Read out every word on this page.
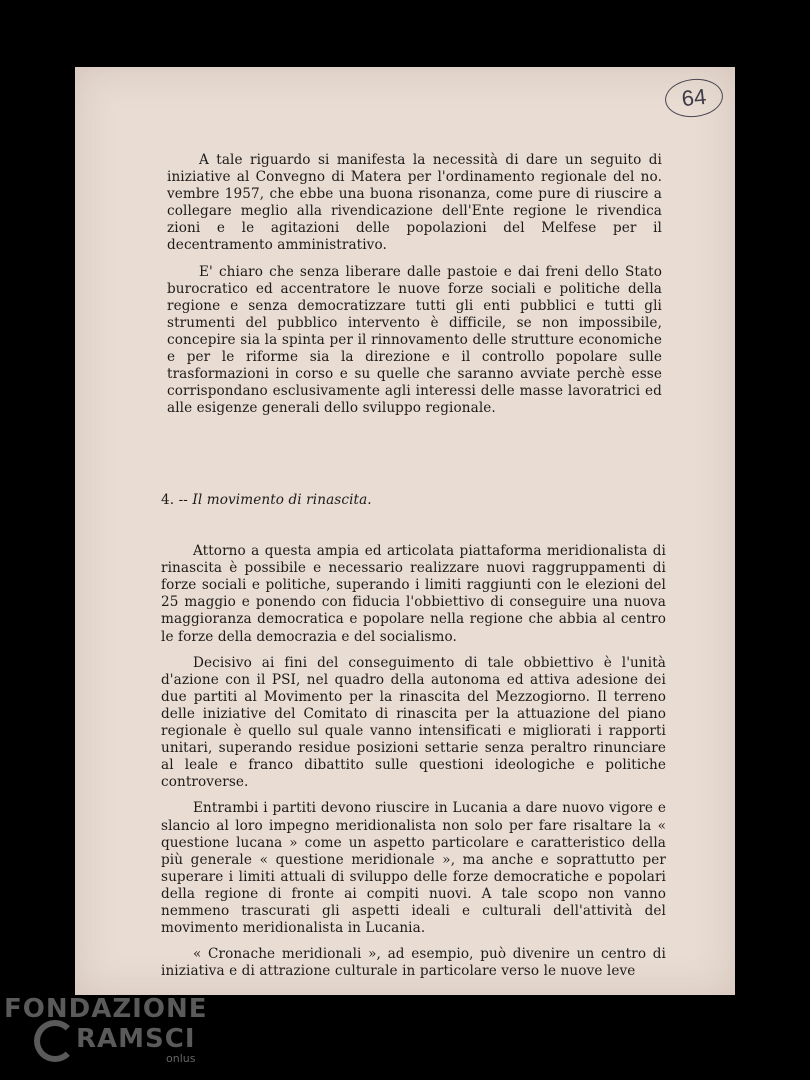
64

A tale riguardo si manifesta la necessità di dare un seguito di iniziative al Convegno di Matera per l'ordinamento regionale del no. vembre 1957, che ebbe una buona risonanza, come pure di riuscire a collegare meglio alla rivendicazione dell'Ente regione le rivendica zioni e le agitazioni delle popolazioni del Melfese per il decentramento amministrativo.

E' chiaro che senza liberare dalle pastoie e dai freni dello Stato burocratico ed accentratore le nuove forze sociali e politiche della regione e senza democratizzare tutti gli enti pubblici e tutti gli strumenti del pubblico intervento è difficile, se non impossibile, concepire sia la spinta per il rinnovamento delle strutture economiche e per le riforme sia la direzione e il controllo popolare sulle trasformazioni in corso e su quelle che saranno avviate perchè esse corrispondano esclusivamente agli interessi delle masse lavoratrici ed alle esigenze generali dello sviluppo regionale.

4. -- Il movimento di rinascita.

Attorno a questa ampia ed articolata piattaforma meridionalista di rinascita è possibile e necessario realizzare nuovi raggruppamenti di forze sociali e politiche, superando i limiti raggiunti con le elezioni del 25 maggio e ponendo con fiducia l'obbiettivo di conseguire una nuova maggioranza democratica e popolare nella regione che abbia al centro le forze della democrazia e del socialismo.

Decisivo ai fini del conseguimento di tale obbiettivo è l'unità d'azione con il PSI, nel quadro della autonoma ed attiva adesione dei due partiti al Movimento per la rinascita del Mezzogiorno. Il terreno delle iniziative del Comitato di rinascita per la attuazione del piano regionale è quello sul quale vanno intensificati e migliorati i rapporti unitari, superando residue posizioni settarie senza peraltro rinunciare al leale e franco dibattito sulle questioni ideologiche e politiche controverse.

Entrambi i partiti devono riuscire in Lucania a dare nuovo vigore e slancio al loro impegno meridionalista non solo per fare risaltare la « questione lucana » come un aspetto particolare e caratteristico della più generale « questione meridionale », ma anche e soprattutto per superare i limiti attuali di sviluppo delle forze democratiche e popolari della regione di fronte ai compiti nuovi. A tale scopo non vanno nemmeno trascurati gli aspetti ideali e culturali dell'attività del movimento meridionalista in Lucania.

« Cronache meridionali », ad esempio, può divenire un centro di iniziativa e di attrazione culturale in particolare verso le nuove leve

FONDAZIONE
RAMSCI
onlus
